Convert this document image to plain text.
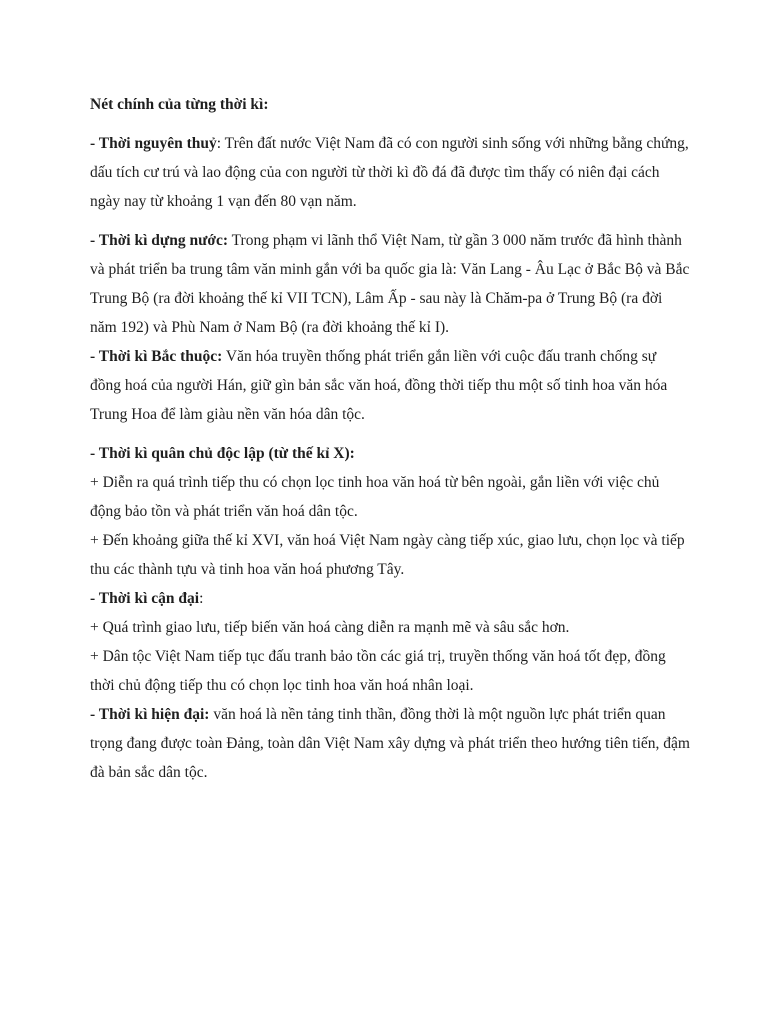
Nét chính của từng thời kì:

- Thời nguyên thuỷ: Trên đất nước Việt Nam đã có con người sinh sống với những bằng chứng, dấu tích cư trú và lao động của con người từ thời kì đồ đá đã được tìm thấy có niên đại cách ngày nay từ khoảng 1 vạn đến 80 vạn năm.

- Thời kì dựng nước: Trong phạm vi lãnh thổ Việt Nam, từ gần 3 000 năm trước đã hình thành và phát triển ba trung tâm văn minh gắn với ba quốc gia là: Văn Lang - Âu Lạc ở Bắc Bộ và Bắc Trung Bộ (ra đời khoảng thế kỉ VII TCN), Lâm Ấp - sau này là Chăm-pa ở Trung Bộ (ra đời năm 192) và Phù Nam ở Nam Bộ (ra đời khoảng thế kỉ I).

- Thời kì Bắc thuộc: Văn hóa truyền thống phát triển gắn liền với cuộc đấu tranh chống sự đồng hoá của người Hán, giữ gìn bản sắc văn hoá, đồng thời tiếp thu một số tinh hoa văn hóa Trung Hoa để làm giàu nền văn hóa dân tộc.

- Thời kì quân chủ độc lập (từ thế kỉ X):

+ Diễn ra quá trình tiếp thu có chọn lọc tinh hoa văn hoá từ bên ngoài, gắn liền với việc chủ động bảo tồn và phát triển văn hoá dân tộc.

+ Đến khoảng giữa thế kỉ XVI, văn hoá Việt Nam ngày càng tiếp xúc, giao lưu, chọn lọc và tiếp thu các thành tựu và tinh hoa văn hoá phương Tây.

- Thời kì cận đại:

+ Quá trình giao lưu, tiếp biến văn hoá càng diễn ra mạnh mẽ và sâu sắc hơn.

+ Dân tộc Việt Nam tiếp tục đấu tranh bảo tồn các giá trị, truyền thống văn hoá tốt đẹp, đồng thời chủ động tiếp thu có chọn lọc tinh hoa văn hoá nhân loại.

- Thời kì hiện đại: văn hoá là nền tảng tinh thần, đồng thời là một nguồn lực phát triển quan trọng đang được toàn Đảng, toàn dân Việt Nam xây dựng và phát triển theo hướng tiên tiến, đậm đà bản sắc dân tộc.
